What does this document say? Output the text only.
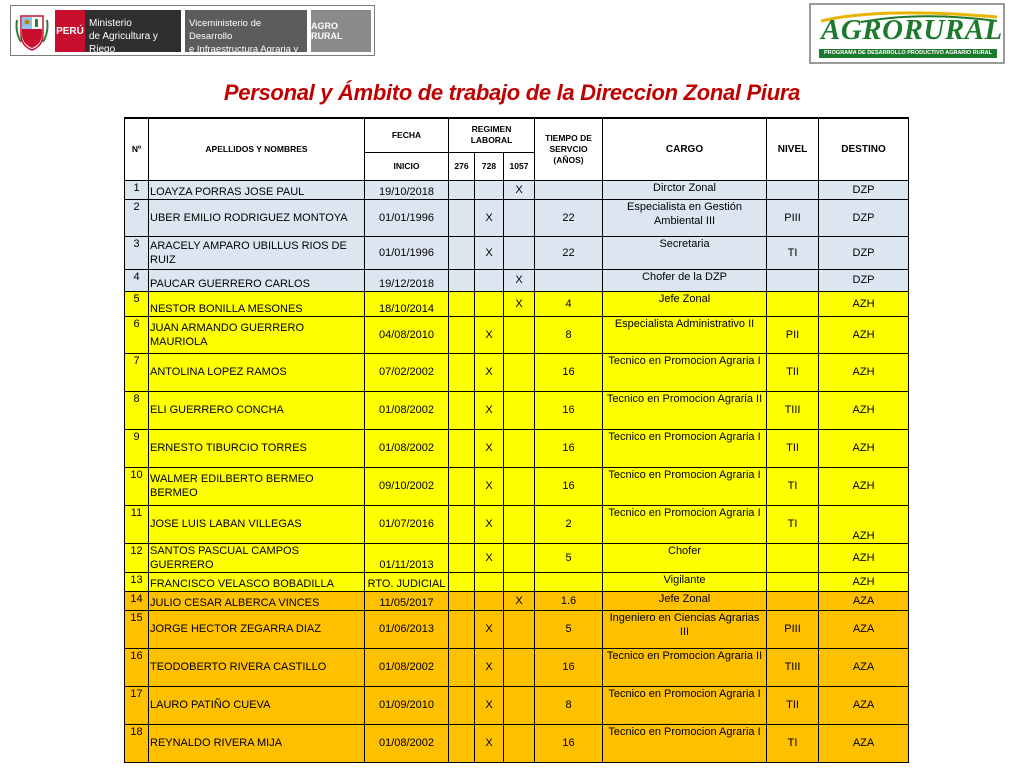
PERÚ
Ministerio
de Agricultura y Riego
Viceministerio de Desarrollo
e Infraestructura Agraria y Riego
AGRO RURAL	AGRORURAL
PROGRAMA DE DESARROLLO PRODUCTIVO AGRARIO RURAL
Personal y Ámbito de trabajo de la Direccion Zonal Piura
Nº	APELLIDOS Y NOMBRES	FECHA	REGIMEN LABORAL			TIEMPO DE SERVCIO (AÑOS)	CARGO	NIVEL	DESTINO
		INICIO	276	728	1057				
1	LOAYZA PORRAS JOSE PAUL	19/10/2018			X		Dirctor Zonal		DZP
2	UBER EMILIO RODRIGUEZ MONTOYA	01/01/1996		X		22	Especialista en Gestión Ambiental III	PIII	DZP
3	ARACELY AMPARO UBILLUS RIOS DE RUIZ	01/01/1996		X		22	Secretaria	TI	DZP
4	PAUCAR GUERRERO CARLOS	19/12/2018			X		Chofer de la DZP		DZP
5	NESTOR BONILLA MESONES	18/10/2014			X	4	Jefe Zonal		AZH
6	JUAN ARMANDO GUERRERO MAURIOLA	04/08/2010		X		8	Especialista Administrativo II	PII	AZH
7	ANTOLINA LOPEZ RAMOS	07/02/2002		X		16	Tecnico en Promocion Agraria I	TII	AZH
8	ELI GUERRERO CONCHA	01/08/2002		X		16	Tecnico en Promocion Agraria II	TIII	AZH
9	ERNESTO TIBURCIO TORRES	01/08/2002		X		16	Tecnico en Promocion Agraria I	TII	AZH
10	WALMER EDILBERTO BERMEO BERMEO	09/10/2002		X		16	Tecnico en Promocion Agraria I	TI	AZH
11	JOSE LUIS LABAN VILLEGAS	01/07/2016		X		2	Tecnico en Promocion Agraria I	TI	AZH
12	SANTOS PASCUAL CAMPOS GUERRERO	01/11/2013		X		5	Chofer		AZH
13	FRANCISCO VELASCO BOBADILLA	RTO. JUDICIAL					Vigilante		AZH
14	JULIO CESAR ALBERCA VINCES	11/05/2017			X	1.6	Jefe Zonal		AZA
15	JORGE HECTOR ZEGARRA DIAZ	01/06/2013		X		5	Ingeniero en Ciencias Agrarias III	PIII	AZA
16	TEODOBERTO RIVERA CASTILLO	01/08/2002		X		16	Tecnico en Promocion Agraria II	TIII	AZA
17	LAURO PATIÑO CUEVA	01/09/2010		X		8	Tecnico en Promocion Agraria I	TII	AZA
18	REYNALDO RIVERA MIJA	01/08/2002		X		16	Tecnico en Promocion Agraria I	TI	AZA
